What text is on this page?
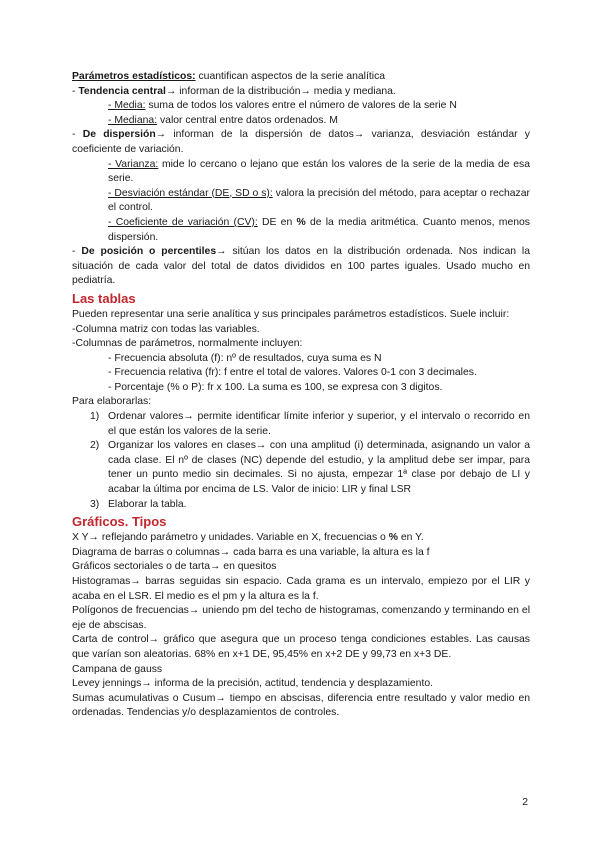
Parámetros estadísticos: cuantifican aspectos de la serie analítica

- Tendencia central→ informan de la distribución→ media y mediana.

- Media: suma de todos los valores entre el número de valores de la serie N

- Mediana: valor central entre datos ordenados. M

- De dispersión→ informan de la dispersión de datos→ varianza, desviación estándar y coeficiente de variación.

- Varianza: mide lo cercano o lejano que están los valores de la serie de la media de esa serie.

- Desviación estándar (DE, SD o s): valora la precisión del método, para aceptar o rechazar el control.

- Coeficiente de variación (CV): DE en % de la media aritmética. Cuanto menos, menos dispersión.

- De posición o percentiles→ sitúan los datos en la distribución ordenada. Nos indican la situación de cada valor del total de datos divididos en 100 partes iguales. Usado mucho en pediatría.

Las tablas

Pueden representar una serie analítica y sus principales parámetros estadísticos. Suele incluir:

-Columna matriz con todas las variables.

-Columnas de parámetros, normalmente incluyen:

- Frecuencia absoluta (f): nº de resultados, cuya suma es N

- Frecuencia relativa (fr): f entre el total de valores. Valores 0-1 con 3 decimales.

- Porcentaje (% o P): fr x 100. La suma es 100, se expresa con 3 digitos.

Para elaborarlas:

1) Ordenar valores→ permite identificar límite inferior y superior, y el intervalo o recorrido en el que están los valores de la serie.
2) Organizar los valores en clases→ con una amplitud (i) determinada, asignando un valor a cada clase. El nº de clases (NC) depende del estudio, y la amplitud debe ser impar, para tener un punto medio sin decimales. Si no ajusta, empezar 1ª clase por debajo de LI y acabar la última por encima de LS. Valor de inicio: LIR y final LSR
3) Elaborar la tabla.
Gráficos. Tipos

X Y→ reflejando parámetro y unidades. Variable en X, frecuencias o % en Y.

Diagrama de barras o columnas→ cada barra es una variable, la altura es la f

Gráficos sectoriales o de tarta→ en quesitos

Histogramas→ barras seguidas sin espacio. Cada grama es un intervalo, empiezo por el LIR y acaba en el LSR. El medio es el pm y la altura es la f.

Polígonos de frecuencias→ uniendo pm del techo de histogramas, comenzando y terminando en el eje de abscisas.

Carta de control→ gráfico que asegura que un proceso tenga condiciones estables. Las causas que varían son aleatorias. 68% en x+1 DE, 95,45% en x+2 DE y 99,73 en x+3 DE.

Campana de gauss

Levey jennings→ informa de la precisión, actitud, tendencia y desplazamiento.

Sumas acumulativas o Cusum→ tiempo en abscisas, diferencia entre resultado y valor medio en ordenadas. Tendencias y/o desplazamientos de controles.

2
